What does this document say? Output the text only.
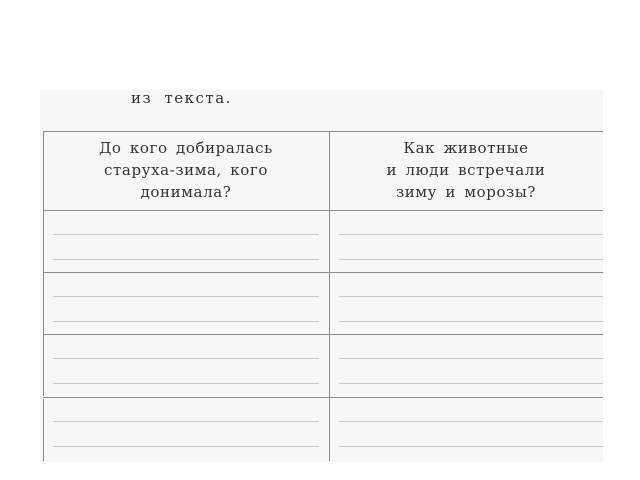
из текста.
До кого добиралась
старуха-зима, кого
донимала?
Как животные
и люди встречали
зиму и морозы?
